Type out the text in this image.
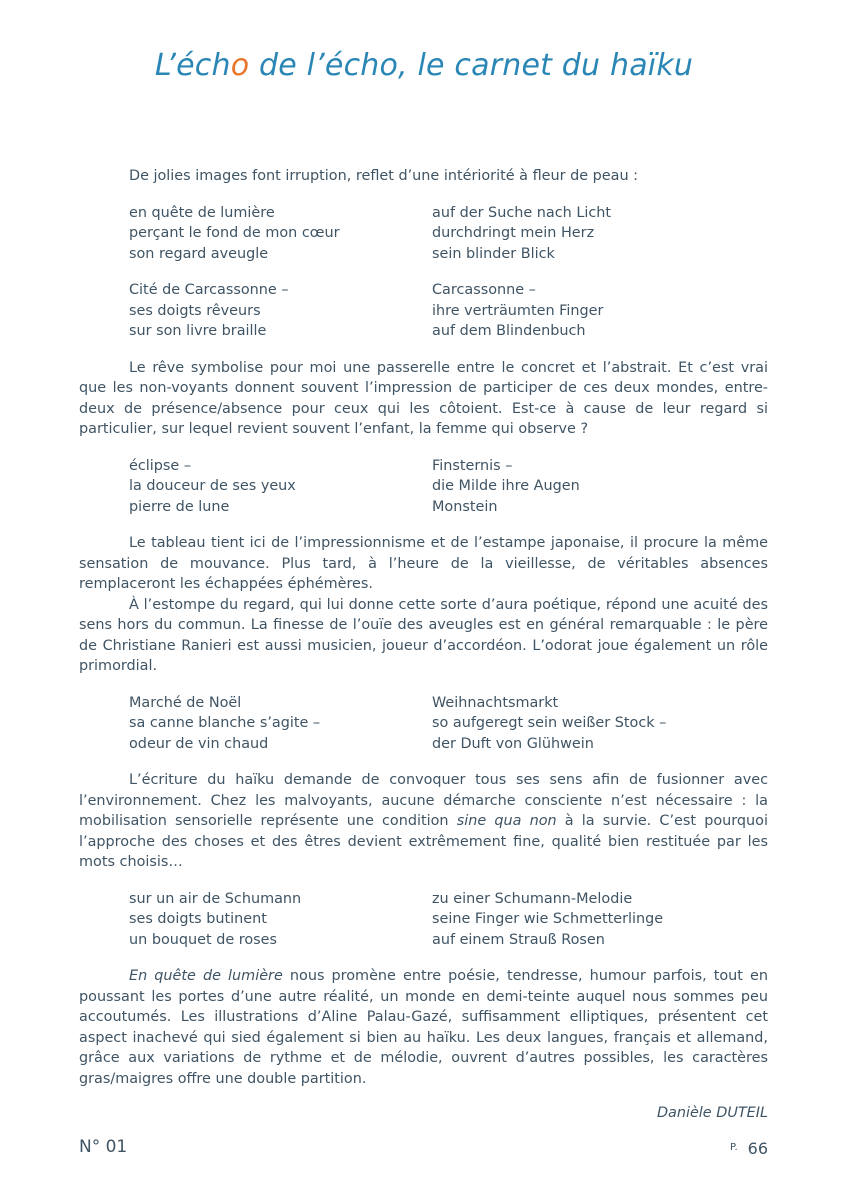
L’écho de l’écho, le carnet du haïku

De jolies images font irruption, reflet d’une intériorité à fleur de peau :

en quête de lumière
perçant le fond de mon cœur
son regard aveugle
auf der Suche nach Licht
durchdringt mein Herz
sein blinder Blick
Cité de Carcassonne –
ses doigts rêveurs
sur son livre braille
Carcassonne –
ihre verträumten Finger
auf dem Blindenbuch

Le rêve symbolise pour moi une passerelle entre le concret et l’abstrait. Et c’est vrai que les non-voyants donnent souvent l’impression de participer de ces deux mondes, entre-deux de présence/absence pour ceux qui les côtoient. Est-ce à cause de leur regard si particulier, sur lequel revient souvent l’enfant, la femme qui observe ?

éclipse –
la douceur de ses yeux
pierre de lune
Finsternis –
die Milde ihre Augen
Monstein

Le tableau tient ici de l’impressionnisme et de l’estampe japonaise, il procure la même sensation de mouvance. Plus tard, à l’heure de la vieillesse, de véritables absences remplaceront les échappées éphémères.

À l’estompe du regard, qui lui donne cette sorte d’aura poétique, répond une acuité des sens hors du commun. La finesse de l’ouïe des aveugles est en général remarquable : le père de Christiane Ranieri est aussi musicien, joueur d’accordéon. L’odorat joue également un rôle primordial.

Marché de Noël
sa canne blanche s’agite –
odeur de vin chaud
Weihnachtsmarkt
so aufgeregt sein weißer Stock –
der Duft von Glühwein

L’écriture du haïku demande de convoquer tous ses sens afin de fusionner avec l’environnement. Chez les malvoyants, aucune démarche consciente n’est nécessaire : la mobilisation sensorielle représente une condition sine qua non à la survie. C’est pourquoi l’approche des choses et des êtres devient extrêmement fine, qualité bien restituée par les mots choisis…

sur un air de Schumann
ses doigts butinent
un bouquet de roses
zu einer Schumann-Melodie
seine Finger wie Schmetterlinge
auf einem Strauß Rosen

En quête de lumière nous promène entre poésie, tendresse, humour parfois, tout en poussant les portes d’une autre réalité, un monde en demi-teinte auquel nous sommes peu accoutumés. Les illustrations d’Aline Palau-Gazé, suffisamment elliptiques, présentent cet aspect inachevé qui sied également si bien au haïku. Les deux langues, français et allemand, grâce aux variations de rythme et de mélodie, ouvrent d’autres possibles, les caractères gras/maigres offre une double partition.

Danièle DUTEIL
N° 01	$^{P.}$ 66
